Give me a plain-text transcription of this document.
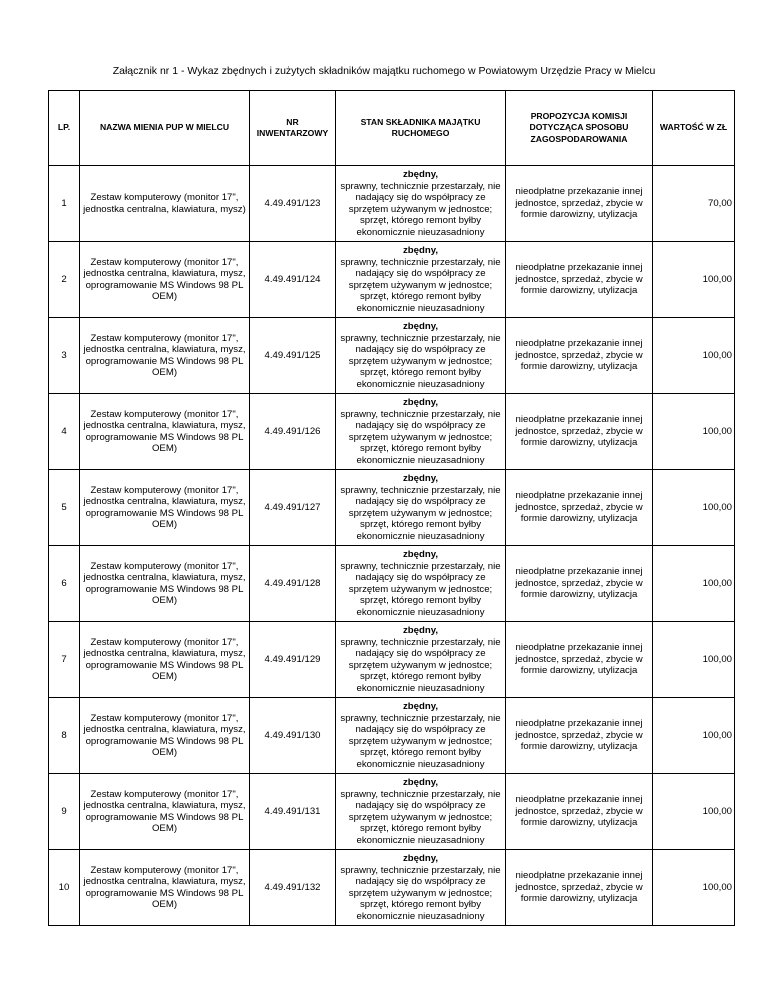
Załącznik nr 1 - Wykaz zbędnych i zużytych składników majątku ruchomego w Powiatowym Urzędzie Pracy w Mielcu
LP.	NAZWA MIENIA PUP W MIELCU	NR INWENTARZOWY	STAN SKŁADNIKA MAJĄTKU RUCHOMEGO	PROPOZYCJA KOMISJI DOTYCZĄCA SPOSOBU ZAGOSPODAROWANIA	WARTOŚĆ W ZŁ
1	Zestaw komputerowy (monitor 17", jednostka centralna, klawiatura, mysz)	4.49.491/123	zbędny,
sprawny, technicznie przestarzały, nie nadający się do współpracy ze sprzętem używanym w jednostce; sprzęt, którego remont byłby ekonomicznie nieuzasadniony	nieodpłatne przekazanie innej jednostce, sprzedaż, zbycie w formie darowizny, utylizacja	70,00
2	Zestaw komputerowy (monitor 17", jednostka centralna, klawiatura, mysz, oprogramowanie MS Windows 98 PL OEM)	4.49.491/124	zbędny,
sprawny, technicznie przestarzały, nie nadający się do współpracy ze sprzętem używanym w jednostce; sprzęt, którego remont byłby ekonomicznie nieuzasadniony	nieodpłatne przekazanie innej jednostce, sprzedaż, zbycie w formie darowizny, utylizacja	100,00
3	Zestaw komputerowy (monitor 17", jednostka centralna, klawiatura, mysz, oprogramowanie MS Windows 98 PL OEM)	4.49.491/125	zbędny,
sprawny, technicznie przestarzały, nie nadający się do współpracy ze sprzętem używanym w jednostce; sprzęt, którego remont byłby ekonomicznie nieuzasadniony	nieodpłatne przekazanie innej jednostce, sprzedaż, zbycie w formie darowizny, utylizacja	100,00
4	Zestaw komputerowy (monitor 17", jednostka centralna, klawiatura, mysz, oprogramowanie MS Windows 98 PL OEM)	4.49.491/126	zbędny,
sprawny, technicznie przestarzały, nie nadający się do współpracy ze sprzętem używanym w jednostce; sprzęt, którego remont byłby ekonomicznie nieuzasadniony	nieodpłatne przekazanie innej jednostce, sprzedaż, zbycie w formie darowizny, utylizacja	100,00
5	Zestaw komputerowy (monitor 17", jednostka centralna, klawiatura, mysz, oprogramowanie MS Windows 98 PL OEM)	4.49.491/127	zbędny,
sprawny, technicznie przestarzały, nie nadający się do współpracy ze sprzętem używanym w jednostce; sprzęt, którego remont byłby ekonomicznie nieuzasadniony	nieodpłatne przekazanie innej jednostce, sprzedaż, zbycie w formie darowizny, utylizacja	100,00
6	Zestaw komputerowy (monitor 17", jednostka centralna, klawiatura, mysz, oprogramowanie MS Windows 98 PL OEM)	4.49.491/128	zbędny,
sprawny, technicznie przestarzały, nie nadający się do współpracy ze sprzętem używanym w jednostce; sprzęt, którego remont byłby ekonomicznie nieuzasadniony	nieodpłatne przekazanie innej jednostce, sprzedaż, zbycie w formie darowizny, utylizacja	100,00
7	Zestaw komputerowy (monitor 17", jednostka centralna, klawiatura, mysz, oprogramowanie MS Windows 98 PL OEM)	4.49.491/129	zbędny,
sprawny, technicznie przestarzały, nie nadający się do współpracy ze sprzętem używanym w jednostce; sprzęt, którego remont byłby ekonomicznie nieuzasadniony	nieodpłatne przekazanie innej jednostce, sprzedaż, zbycie w formie darowizny, utylizacja	100,00
8	Zestaw komputerowy (monitor 17", jednostka centralna, klawiatura, mysz, oprogramowanie MS Windows 98 PL OEM)	4.49.491/130	zbędny,
sprawny, technicznie przestarzały, nie nadający się do współpracy ze sprzętem używanym w jednostce; sprzęt, którego remont byłby ekonomicznie nieuzasadniony	nieodpłatne przekazanie innej jednostce, sprzedaż, zbycie w formie darowizny, utylizacja	100,00
9	Zestaw komputerowy (monitor 17", jednostka centralna, klawiatura, mysz, oprogramowanie MS Windows 98 PL OEM)	4.49.491/131	zbędny,
sprawny, technicznie przestarzały, nie nadający się do współpracy ze sprzętem używanym w jednostce; sprzęt, którego remont byłby ekonomicznie nieuzasadniony	nieodpłatne przekazanie innej jednostce, sprzedaż, zbycie w formie darowizny, utylizacja	100,00
10	Zestaw komputerowy (monitor 17", jednostka centralna, klawiatura, mysz, oprogramowanie MS Windows 98 PL OEM)	4.49.491/132	zbędny,
sprawny, technicznie przestarzały, nie nadający się do współpracy ze sprzętem używanym w jednostce; sprzęt, którego remont byłby ekonomicznie nieuzasadniony	nieodpłatne przekazanie innej jednostce, sprzedaż, zbycie w formie darowizny, utylizacja	100,00
